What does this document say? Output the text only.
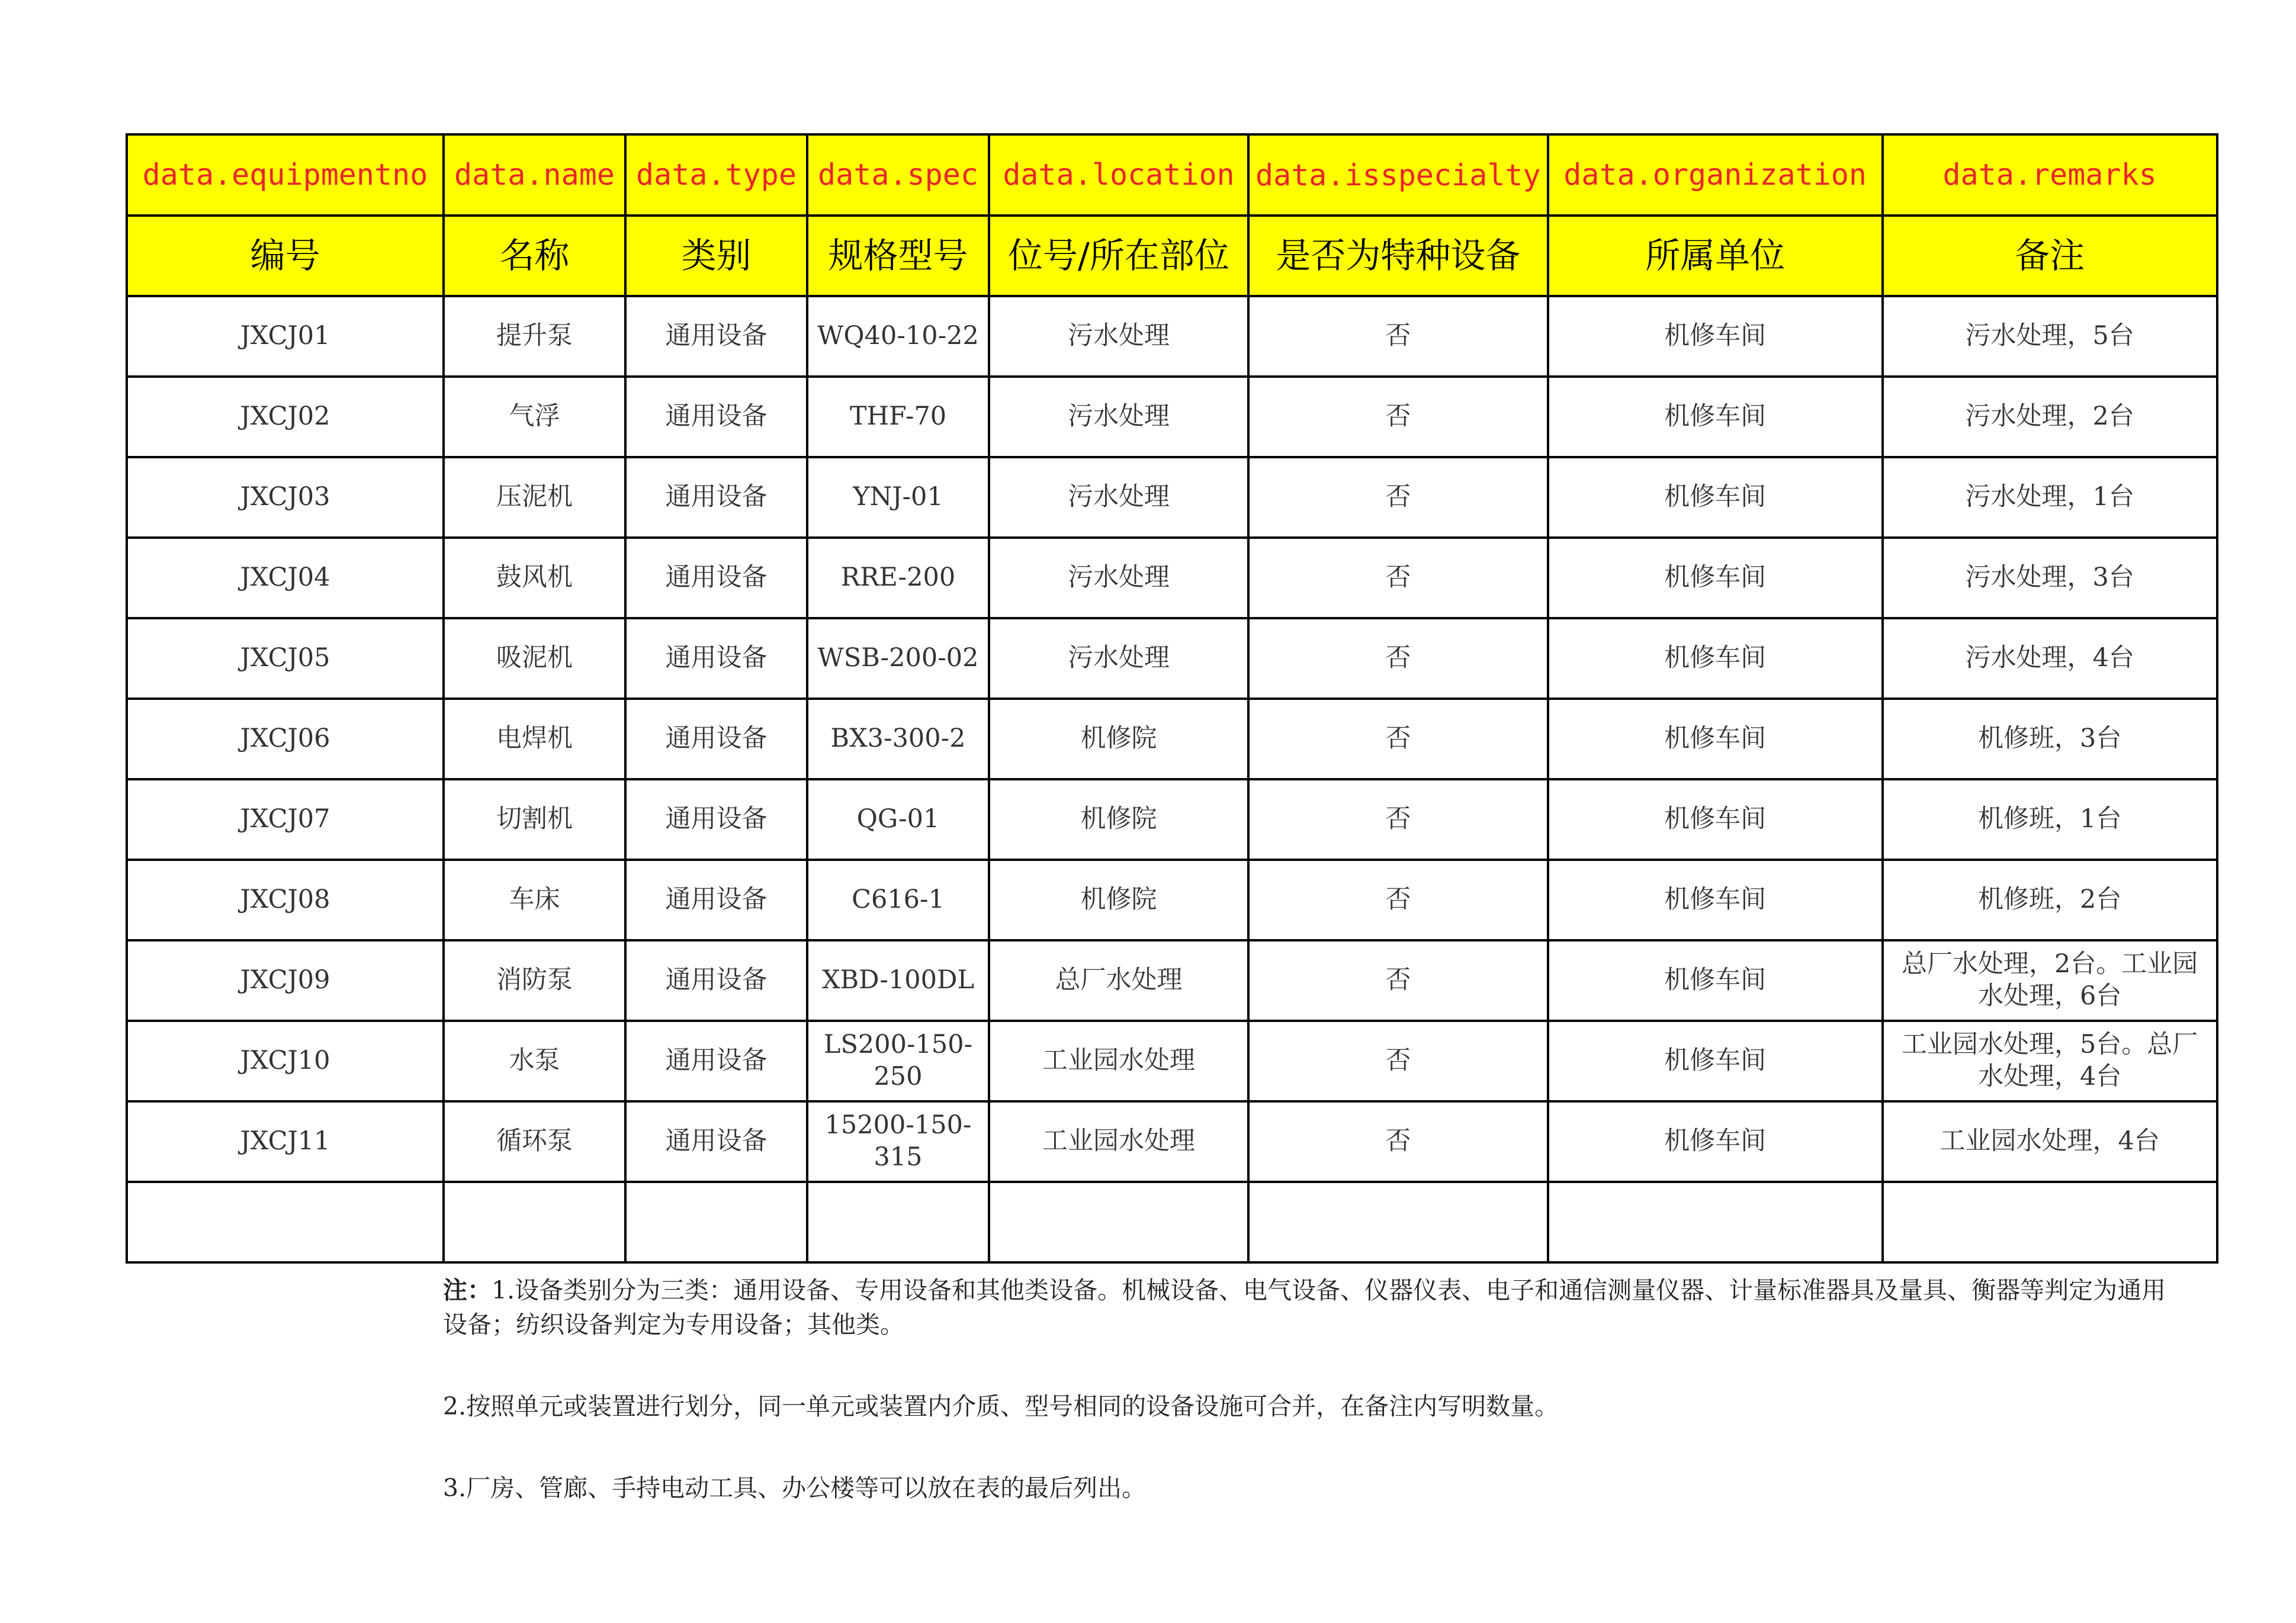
data.equipmentno	data.name	data.type	data.spec	data.location	data.isspecialty	data.organization	data.remarks
编号	名称	类别	规格型号	位号/所在部位	是否为特种设备	所属单位	备注
JXCJ01	提升泵	通用设备	WQ40-10-22	污水处理	否	机修车间	污水处理，5台
JXCJ02	气浮	通用设备	THF-70	污水处理	否	机修车间	污水处理，2台
JXCJ03	压泥机	通用设备	YNJ-01	污水处理	否	机修车间	污水处理，1台
JXCJ04	鼓风机	通用设备	RRE-200	污水处理	否	机修车间	污水处理，3台
JXCJ05	吸泥机	通用设备	WSB-200-02	污水处理	否	机修车间	污水处理，4台
JXCJ06	电焊机	通用设备	BX3-300-2	机修院	否	机修车间	机修班，3台
JXCJ07	切割机	通用设备	QG-01	机修院	否	机修车间	机修班，1台
JXCJ08	车床	通用设备	C616-1	机修院	否	机修车间	机修班，2台
JXCJ09	消防泵	通用设备	XBD-100DL	总厂水处理	否	机修车间	总厂水处理，2台。工业园水处理，6台
JXCJ10	水泵	通用设备	LS200-150-250	工业园水处理	否	机修车间	工业园水处理，5台。总厂水处理，4台
JXCJ11	循环泵	通用设备	15200-150-315	工业园水处理	否	机修车间	工业园水处理，4台

注：1.设备类别分为三类：通用设备、专用设备和其他类设备。机械设备、电气设备、仪器仪表、电子和通信测量仪器、计量标准器具及量具、衡器等判定为通用设备；纺织设备判定为专用设备；其他类。

2.按照单元或装置进行划分，同一单元或装置内介质、型号相同的设备设施可合并，在备注内写明数量。

3.厂房、管廊、手持电动工具、办公楼等可以放在表的最后列出。
